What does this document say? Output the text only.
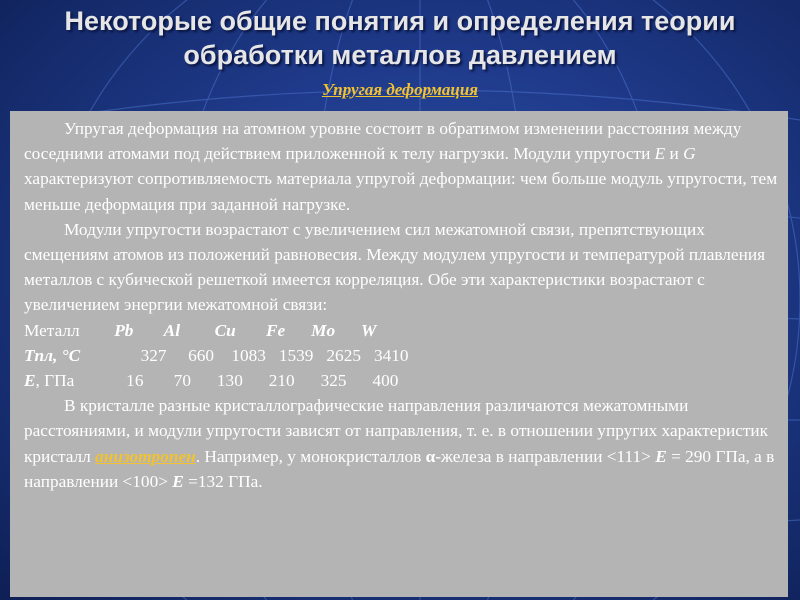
Некоторые общие понятия и определения теории
обработки металлов давлением
Упругая деформация

Упругая деформация на атомном уровне состоит в обратимом изменении расстояния между соседними атомами под действием приложенной к телу нагрузки. Модули упругости E и G характеризуют сопротивляемость материала упругой деформации: чем больше модуль упругости, тем меньше деформация при заданной нагрузке.

Модули упругости возрастают с увеличением сил межатомной связи, препятствующих смещениям атомов из положений равновесия. Между модулем упругости и температурой плавления металлов с кубической решеткой имеется корреляция. Обе эти характеристики возрастают с увеличением энергии межатомной связи:

Металл Pb Al Cu Fe Mo W
Tпл, °C	327 660 1083 1539 2625 3410
E, ГПа	16 70 130 210 325 400

В кристалле разные кристаллографические направления различаются межатомными расстояниями, и модули упругости зависят от направления, т. е. в отношении упругих характеристик кристалл анизотропен. Например, у монокристаллов α-железа в направлении <111> E = 290 ГПа, а в направлении <100> E =132 ГПа.
